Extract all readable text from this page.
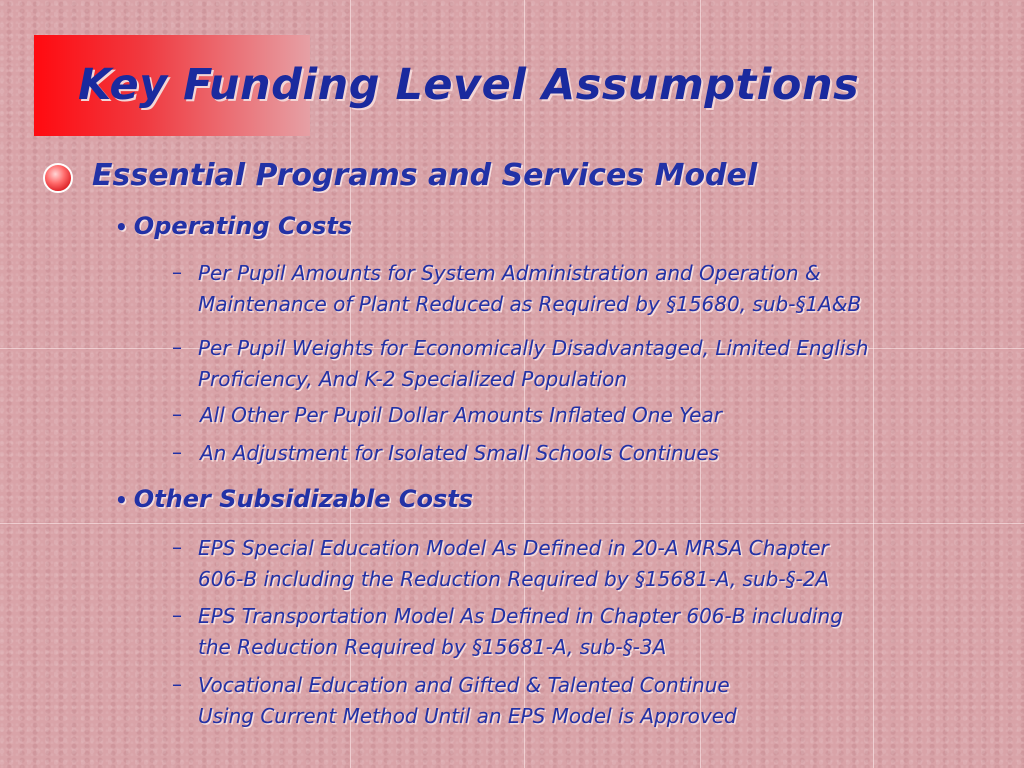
Key Funding Level Assumptions
Essential Programs and Services Model
• Operating Costs
– Per Pupil Amounts for System Administration and Operation &
Maintenance of Plant Reduced as Required by §15680, sub-§1A&B
– Per Pupil Weights for Economically Disadvantaged, Limited English
Proficiency, And K-2 Specialized Population
– All Other Per Pupil Dollar Amounts Inflated One Year
– An Adjustment for Isolated Small Schools Continues
• Other Subsidizable Costs
– EPS Special Education Model As Defined in 20-A MRSA Chapter
606-B including the Reduction Required by §15681-A, sub-§-2A
– EPS Transportation Model As Defined in Chapter 606-B including
the Reduction Required by §15681-A, sub-§-3A
– Vocational Education and Gifted & Talented Continue
Using Current Method Until an EPS Model is Approved
